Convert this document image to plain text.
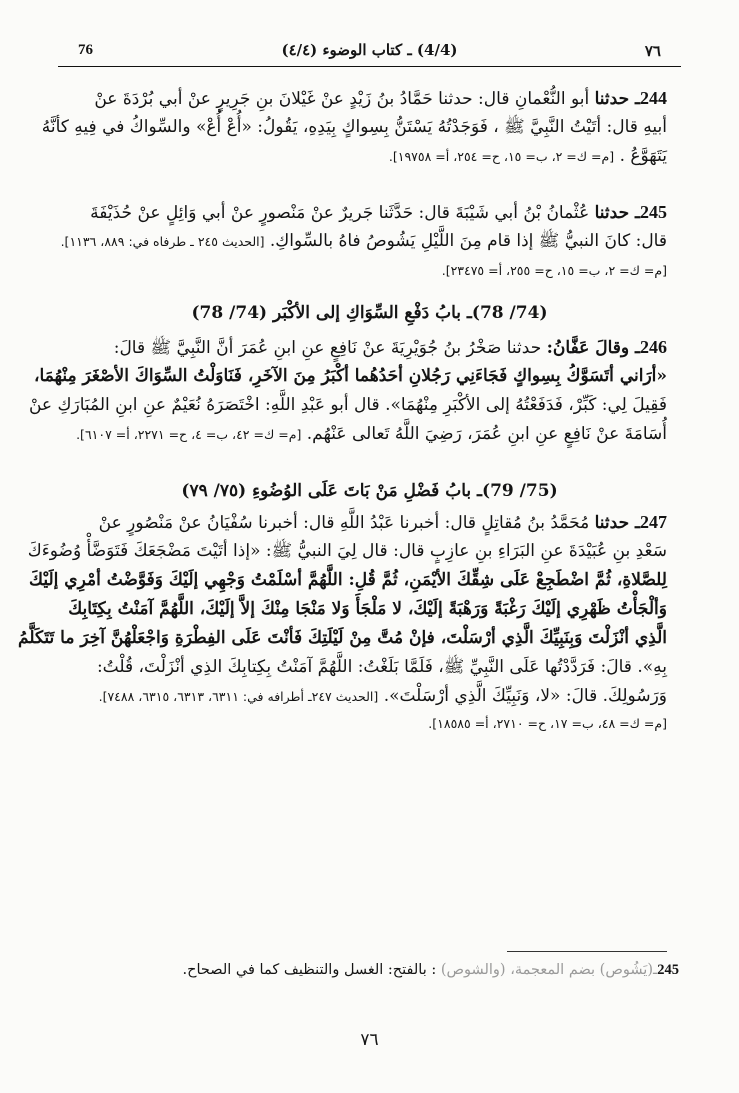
76	(4/4) ـ كتاب الوضوء (٤/٤)	٧٦
244ـ حدثنا أبو النُّعْمانِ قال: حدثنا حَمَّادُ بنُ زَيْدٍ عنْ غَيْلانَ بنِ جَرِيرٍ عنْ أبي بُرْدَةَ عنْ
أبيهِ قال: أتَيْتُ النَّبِيَّ ﷺ ، فَوَجَدْتُهُ يَسْتَنُّ بِسِواكٍ بِيَدِهِ، يَقُولُ: «أُعْ أُعْ» والسِّواكُ في فِيهِ كأنَّهُ
يَتَهَوَّعُ . [م= ك= ٢، ب= ١٥، ح= ٢٥٤، أ= ١٩٧٥٨].
245ـ حدثنا عُثْمانُ بْنُ أبي شَيْبَةَ قال: حَدَّثَنا جَريرٌ عنْ مَنْصورٍ عنْ أبي وَائِلٍ عنْ حُذَيْفَةَ
قال: كانَ النبيُّ ﷺ إذا قام مِنَ اللَّيْلِ يَشُوصُ فاهُ بالسِّواكِ. [الحديث ٢٤٥ ـ طرفاه في: ٨٨٩، ١١٣٦].
[م= ك= ٢، ب= ١٥، ح= ٢٥٥، أ= ٢٣٤٧٥].
(74/ 78)ـ بابُ دَفْعِ السِّوَاكِ إلى الأكْبَر (74/ 78)
246ـ وقالَ عَفَّانُ: حدثنا صَخْرُ بنُ جُوَيْرِيَةَ عنْ نَافِعٍ عنِ ابنِ عُمَرَ أنَّ النَّبِيَّ ﷺ قالَ:
«أرَاني أتَسَوَّكُ بِسِواكٍ فَجَاءَنِي رَجُلانِ أحَدُهُما أكْبَرُ مِنَ الآخَرِ، فَنَاوَلْتُ السِّوَاكَ الأصْغَرَ مِنْهُمَا،
فَقِيلَ لِي: كَبِّرْ، فَدَفَعْتُهُ إلى الأكْبَرِ مِنْهُمَا». قال أبو عَبْدِ اللَّهِ: اخْتَصَرَهُ نُعَيْمٌ عنِ ابنِ المُبَارَكِ عنْ
أُسَامَةَ عنْ نَافِعٍ عنِ ابنِ عُمَرَ، رَضِيَ اللَّهُ تَعالى عَنْهُم. [م= ك= ٤٢، ب= ٤، ح= ٢٢٧١، أ= ٦١٠٧].
(75/ 79)ـ بابُ فَضْلِ مَنْ بَاتَ عَلَى الوُضُوءِ (٧٥/ ٧٩)
247ـ حدثنا مُحَمَّدُ بنُ مُقاتِلٍ قال: أخبرنا عَبْدُ اللَّهِ قال: أخبرنا سُفْيَانُ عنْ مَنْصُورٍ عنْ
سَعْدِ بنِ عُبَيْدَةَ عنِ البَرَاءِ بنِ عازِبٍ قال: قال لِيَ النبيُّ ﷺ: «إذا أتَيْتَ مَضْجَعَكَ فَتَوَضَّأْ وُضُوءَكَ
لِلصَّلاةِ، ثُمَّ اضْطَجِعْ عَلَى شِقِّكَ الأيْمَنِ، ثُمَّ قُلِ: اللَّهُمَّ أسْلَمْتُ وَجْهِي إلَيْكَ وَفَوَّضْتُ أمْرِي إلَيْكَ
وَألْجَأْتُ ظَهْرِي إلَيْكَ رَغْبَةً وَرَهْبَةً إلَيْكَ، لا مَلْجَأَ وَلا مَنْجَا مِنْكَ إلاَّ إلَيْكَ، اللَّهُمَّ آمَنْتُ بِكِتَابِكَ
الَّذِي أنْزَلْتَ وَبِنَبِيِّكَ الَّذِي أرْسَلْتَ، فإنْ مُتَّ مِنْ لَيْلَتِكَ فَأنْتَ عَلَى الفِطْرَةِ وَاجْعَلْهُنَّ آخِرَ ما تَتَكَلَّمُ
بِهِ». قالَ: فَرَدَّدْتُها عَلَى النَّبِيِّ ﷺ، فَلَمَّا بَلَغْتُ: اللَّهُمَّ آمَنْتُ بِكِتابِكَ الذِي أنْزَلْتَ، قُلْتُ:
وَرَسُولِكَ. قالَ: «لا، وَنَبِيِّكَ الَّذِي أرْسَلْتَ». [الحديث ٢٤٧ـ أطرافه في: ٦٣١١، ٦٣١٣، ٦٣١٥، ٧٤٨٨].
[م= ك= ٤٨، ب= ١٧، ح= ٢٧١٠، أ= ١٨٥٨٥].
245ـ(يَشُوص) بضم المعجمة، (والشوص) : بالفتح: الغسل والتنظيف كما في الصحاح.
٧٦
